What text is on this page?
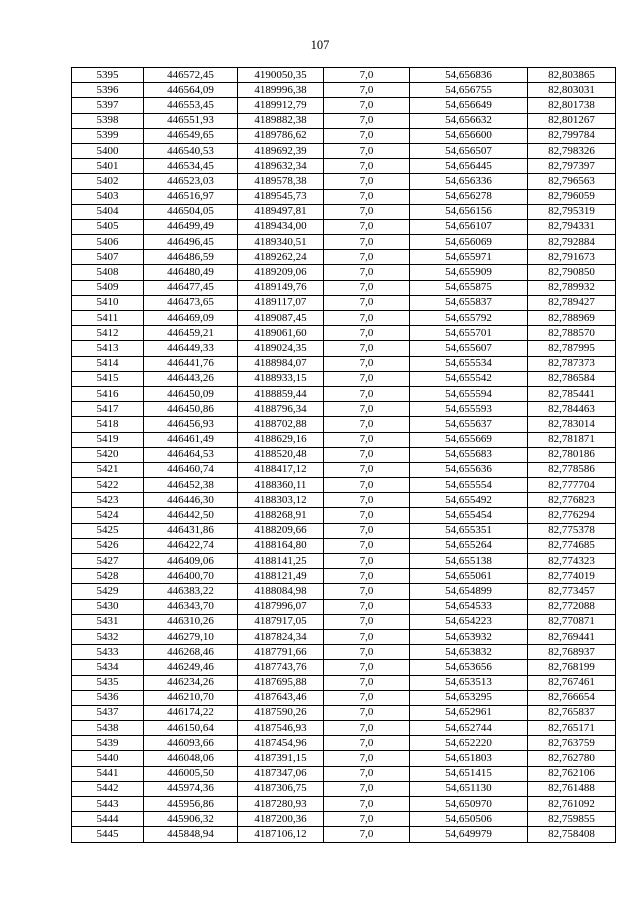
107
5395	446572,45	4190050,35	7,0	54,656836	82,803865
5396	446564,09	4189996,38	7,0	54,656755	82,803031
5397	446553,45	4189912,79	7,0	54,656649	82,801738
5398	446551,93	4189882,38	7,0	54,656632	82,801267
5399	446549,65	4189786,62	7,0	54,656600	82,799784
5400	446540,53	4189692,39	7,0	54,656507	82,798326
5401	446534,45	4189632,34	7,0	54,656445	82,797397
5402	446523,03	4189578,38	7,0	54,656336	82,796563
5403	446516,97	4189545,73	7,0	54,656278	82,796059
5404	446504,05	4189497,81	7,0	54,656156	82,795319
5405	446499,49	4189434,00	7,0	54,656107	82,794331
5406	446496,45	4189340,51	7,0	54,656069	82,792884
5407	446486,59	4189262,24	7,0	54,655971	82,791673
5408	446480,49	4189209,06	7,0	54,655909	82,790850
5409	446477,45	4189149,76	7,0	54,655875	82,789932
5410	446473,65	4189117,07	7,0	54,655837	82,789427
5411	446469,09	4189087,45	7,0	54,655792	82,788969
5412	446459,21	4189061,60	7,0	54,655701	82,788570
5413	446449,33	4189024,35	7,0	54,655607	82,787995
5414	446441,76	4188984,07	7,0	54,655534	82,787373
5415	446443,26	4188933,15	7,0	54,655542	82,786584
5416	446450,09	4188859,44	7,0	54,655594	82,785441
5417	446450,86	4188796,34	7,0	54,655593	82,784463
5418	446456,93	4188702,88	7,0	54,655637	82,783014
5419	446461,49	4188629,16	7,0	54,655669	82,781871
5420	446464,53	4188520,48	7,0	54,655683	82,780186
5421	446460,74	4188417,12	7,0	54,655636	82,778586
5422	446452,38	4188360,11	7,0	54,655554	82,777704
5423	446446,30	4188303,12	7,0	54,655492	82,776823
5424	446442,50	4188268,91	7,0	54,655454	82,776294
5425	446431,86	4188209,66	7,0	54,655351	82,775378
5426	446422,74	4188164,80	7,0	54,655264	82,774685
5427	446409,06	4188141,25	7,0	54,655138	82,774323
5428	446400,70	4188121,49	7,0	54,655061	82,774019
5429	446383,22	4188084,98	7,0	54,654899	82,773457
5430	446343,70	4187996,07	7,0	54,654533	82,772088
5431	446310,26	4187917,05	7,0	54,654223	82,770871
5432	446279,10	4187824,34	7,0	54,653932	82,769441
5433	446268,46	4187791,66	7,0	54,653832	82,768937
5434	446249,46	4187743,76	7,0	54,653656	82,768199
5435	446234,26	4187695,88	7,0	54,653513	82,767461
5436	446210,70	4187643,46	7,0	54,653295	82,766654
5437	446174,22	4187590,26	7,0	54,652961	82,765837
5438	446150,64	4187546,93	7,0	54,652744	82,765171
5439	446093,66	4187454,96	7,0	54,652220	82,763759
5440	446048,06	4187391,15	7,0	54,651803	82,762780
5441	446005,50	4187347,06	7,0	54,651415	82,762106
5442	445974,36	4187306,75	7,0	54,651130	82,761488
5443	445956,86	4187280,93	7,0	54,650970	82,761092
5444	445906,32	4187200,36	7,0	54,650506	82,759855
5445	445848,94	4187106,12	7,0	54,649979	82,758408
